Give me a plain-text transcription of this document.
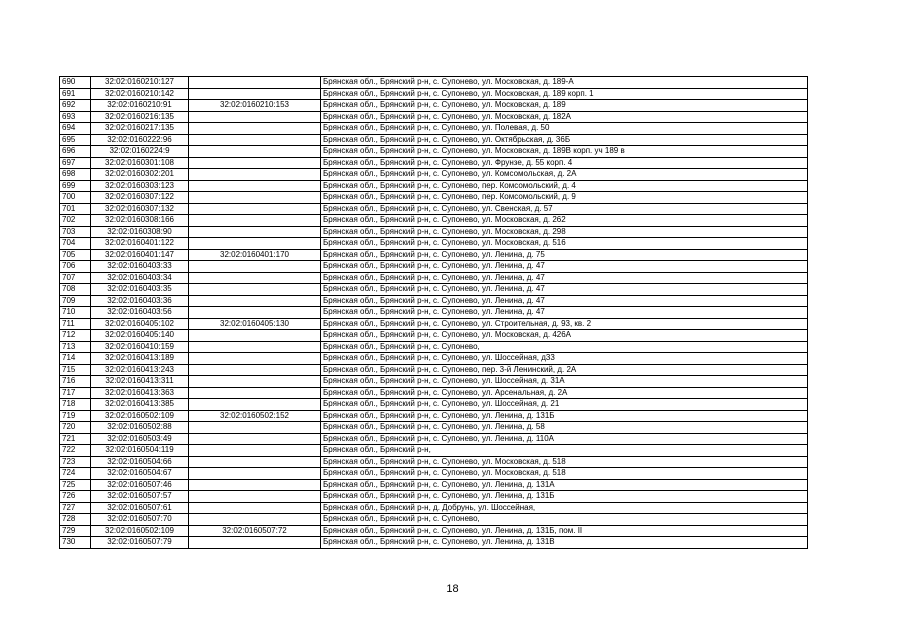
690	32:02:0160210:127		Брянская обл., Брянский р-н, с. Супонево, ул. Московская, д. 189-А
691	32:02:0160210:142		Брянская обл., Брянский р-н, с. Супонево, ул. Московская, д. 189 корп. 1
692	32:02:0160210:91	32:02:0160210:153	Брянская обл., Брянский р-н, с. Супонево, ул. Московская, д. 189
693	32:02:0160216:135		Брянская обл., Брянский р-н, с. Супонево, ул. Московская, д. 182А
694	32:02:0160217:135		Брянская обл., Брянский р-н, с. Супонево, ул. Полевая, д. 50
695	32:02:0160222:96		Брянская обл., Брянский р-н, с. Супонево, ул. Октябрьская, д. 36Б
696	32:02:0160224:9		Брянская обл., Брянский р-н, с. Супонево, ул. Московская, д. 189В корп. уч 189 в
697	32:02:0160301:108		Брянская обл., Брянский р-н, с. Супонево, ул. Фрунзе, д. 55 корп. 4
698	32:02:0160302:201		Брянская обл., Брянский р-н, с. Супонево, ул. Комсомольская, д. 2А
699	32:02:0160303:123		Брянская обл., Брянский р-н, с. Супонево, пер. Комсомольский, д. 4
700	32:02:0160307:122		Брянская обл., Брянский р-н, с. Супонево, пер. Комсомольский, д. 9
701	32:02:0160307:132		Брянская обл., Брянский р-н, с. Супонево, ул. Свенская, д. 57
702	32:02:0160308:166		Брянская обл., Брянский р-н, с. Супонево, ул. Московская, д. 262
703	32:02:0160308:90		Брянская обл., Брянский р-н, с. Супонево, ул. Московская, д. 298
704	32:02:0160401:122		Брянская обл., Брянский р-н, с. Супонево, ул. Московская, д. 516
705	32:02:0160401:147	32:02:0160401:170	Брянская обл., Брянский р-н, с. Супонево, ул. Ленина, д. 75
706	32:02:0160403:33		Брянская обл., Брянский р-н, с. Супонево, ул. Ленина, д. 47
707	32:02:0160403:34		Брянская обл., Брянский р-н, с. Супонево, ул. Ленина, д. 47
708	32:02:0160403:35		Брянская обл., Брянский р-н, с. Супонево, ул. Ленина, д. 47
709	32:02:0160403:36		Брянская обл., Брянский р-н, с. Супонево, ул. Ленина, д. 47
710	32:02:0160403:56		Брянская обл., Брянский р-н, с. Супонево, ул. Ленина, д. 47
711	32:02:0160405:102	32:02:0160405:130	Брянская обл., Брянский р-н, с. Супонево, ул. Строительная, д. 93, кв. 2
712	32:02:0160405:140		Брянская обл., Брянский р-н, с. Супонево, ул. Московская, д. 426А
713	32:02:0160410:159		Брянская обл., Брянский р-н, с. Супонево,
714	32:02:0160413:189		Брянская обл., Брянский р-н, с. Супонево, ул. Шоссейная, д33
715	32:02:0160413:243		Брянская обл., Брянский р-н, с. Супонево, пер. 3-й Ленинский, д. 2А
716	32:02:0160413:311		Брянская обл., Брянский р-н, с. Супонево, ул. Шоссейная, д. 31А
717	32:02:0160413:363		Брянская обл., Брянский р-н, с. Супонево, ул. Арсенальная, д. 2А
718	32:02:0160413:385		Брянская обл., Брянский р-н, с. Супонево, ул. Шоссейная, д. 21
719	32:02:0160502:109	32:02:0160502:152	Брянская обл., Брянский р-н, с. Супонево, ул. Ленина, д. 131Б
720	32:02:0160502:88		Брянская обл., Брянский р-н, с. Супонево, ул. Ленина, д. 58
721	32:02:0160503:49		Брянская обл., Брянский р-н, с. Супонево, ул. Ленина, д. 110А
722	32:02:0160504:119		Брянская обл., Брянский р-н,
723	32:02:0160504:66		Брянская обл., Брянский р-н, с. Супонево, ул. Московская, д. 518
724	32:02:0160504:67		Брянская обл., Брянский р-н, с. Супонево, ул. Московская, д. 518
725	32:02:0160507:46		Брянская обл., Брянский р-н, с. Супонево, ул. Ленина, д. 131А
726	32:02:0160507:57		Брянская обл., Брянский р-н, с. Супонево, ул. Ленина, д. 131Б
727	32:02:0160507:61		Брянская обл., Брянский р-н, д. Добрунь, ул. Шоссейная,
728	32:02:0160507:70		Брянская обл., Брянский р-н, с. Супонево,
729	32:02:0160502:109	32:02:0160507:72	Брянская обл., Брянский р-н, с. Супонево, ул. Ленина, д. 131Б, пом. II
730	32:02:0160507:79		Брянская обл., Брянский р-н, с. Супонево, ул. Ленина, д. 131В
18
